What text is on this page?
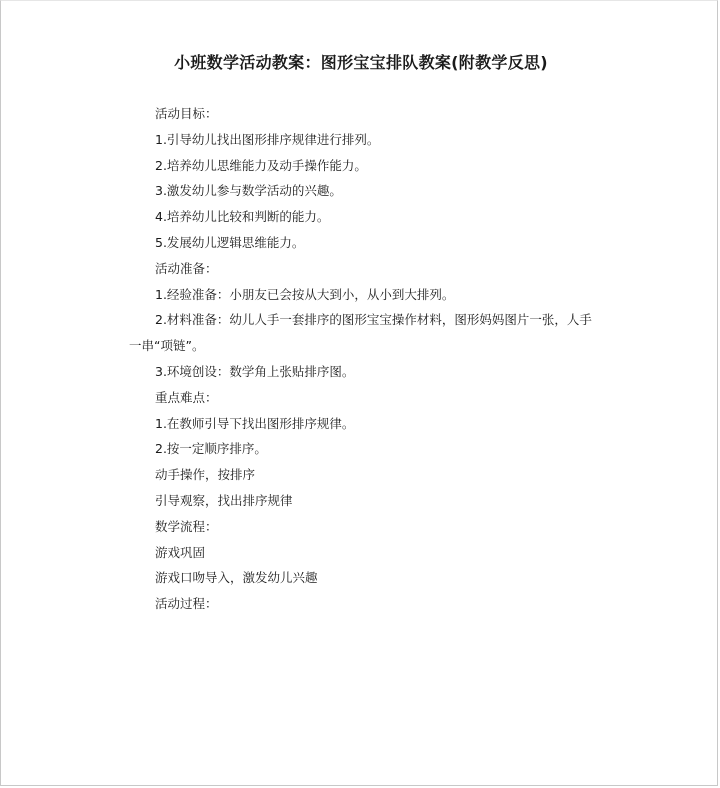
小班数学活动教案：图形宝宝排队教案(附教学反思)

活动目标：

1.引导幼儿找出图形排序规律进行排列。

2.培养幼儿思维能力及动手操作能力。

3.激发幼儿参与数学活动的兴趣。

4.培养幼儿比较和判断的能力。

5.发展幼儿逻辑思维能力。

活动准备：

1.经验准备：小朋友已会按从大到小，从小到大排列。

2.材料准备：幼儿人手一套排序的图形宝宝操作材料，图形妈妈图片一张，人手一串“项链”。

3.环境创设：数学角上张贴排序图。

重点难点：

1.在教师引导下找出图形排序规律。

2.按一定顺序排序。

动手操作，按排序

引导观察，找出排序规律

数学流程：

游戏巩固

游戏口吻导入，激发幼儿兴趣

活动过程：
